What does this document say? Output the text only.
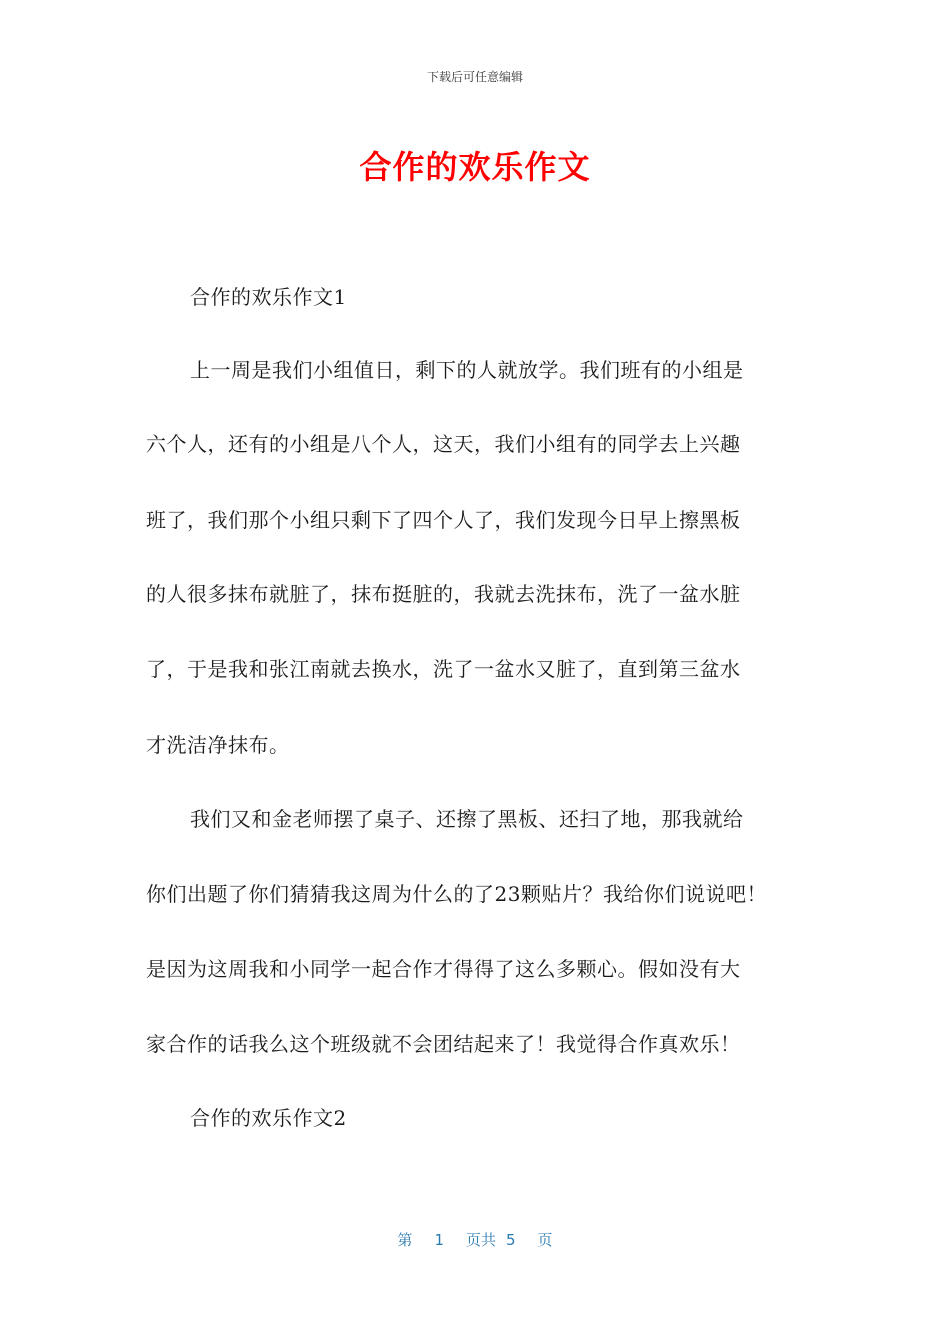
下载后可任意编辑
合作的欢乐作文
合作的欢乐作文1
上一周是我们小组值日，剩下的人就放学。我们班有的小组是
六个人，还有的小组是八个人，这天，我们小组有的同学去上兴趣
班了，我们那个小组只剩下了四个人了，我们发现今日早上擦黑板
的人很多抹布就脏了，抹布挺脏的，我就去洗抹布，洗了一盆水脏
了，于是我和张江南就去换水，洗了一盆水又脏了，直到第三盆水
才洗洁净抹布。
我们又和金老师摆了桌子、还擦了黑板、还扫了地，那我就给
你们出题了你们猜猜我这周为什么的了23颗贴片？我给你们说说吧！
是因为这周我和小同学一起合作才得得了这么多颗心。假如没有大
家合作的话我么这个班级就不会团结起来了！我觉得合作真欢乐！
合作的欢乐作文2
第 1 页共 5 页
